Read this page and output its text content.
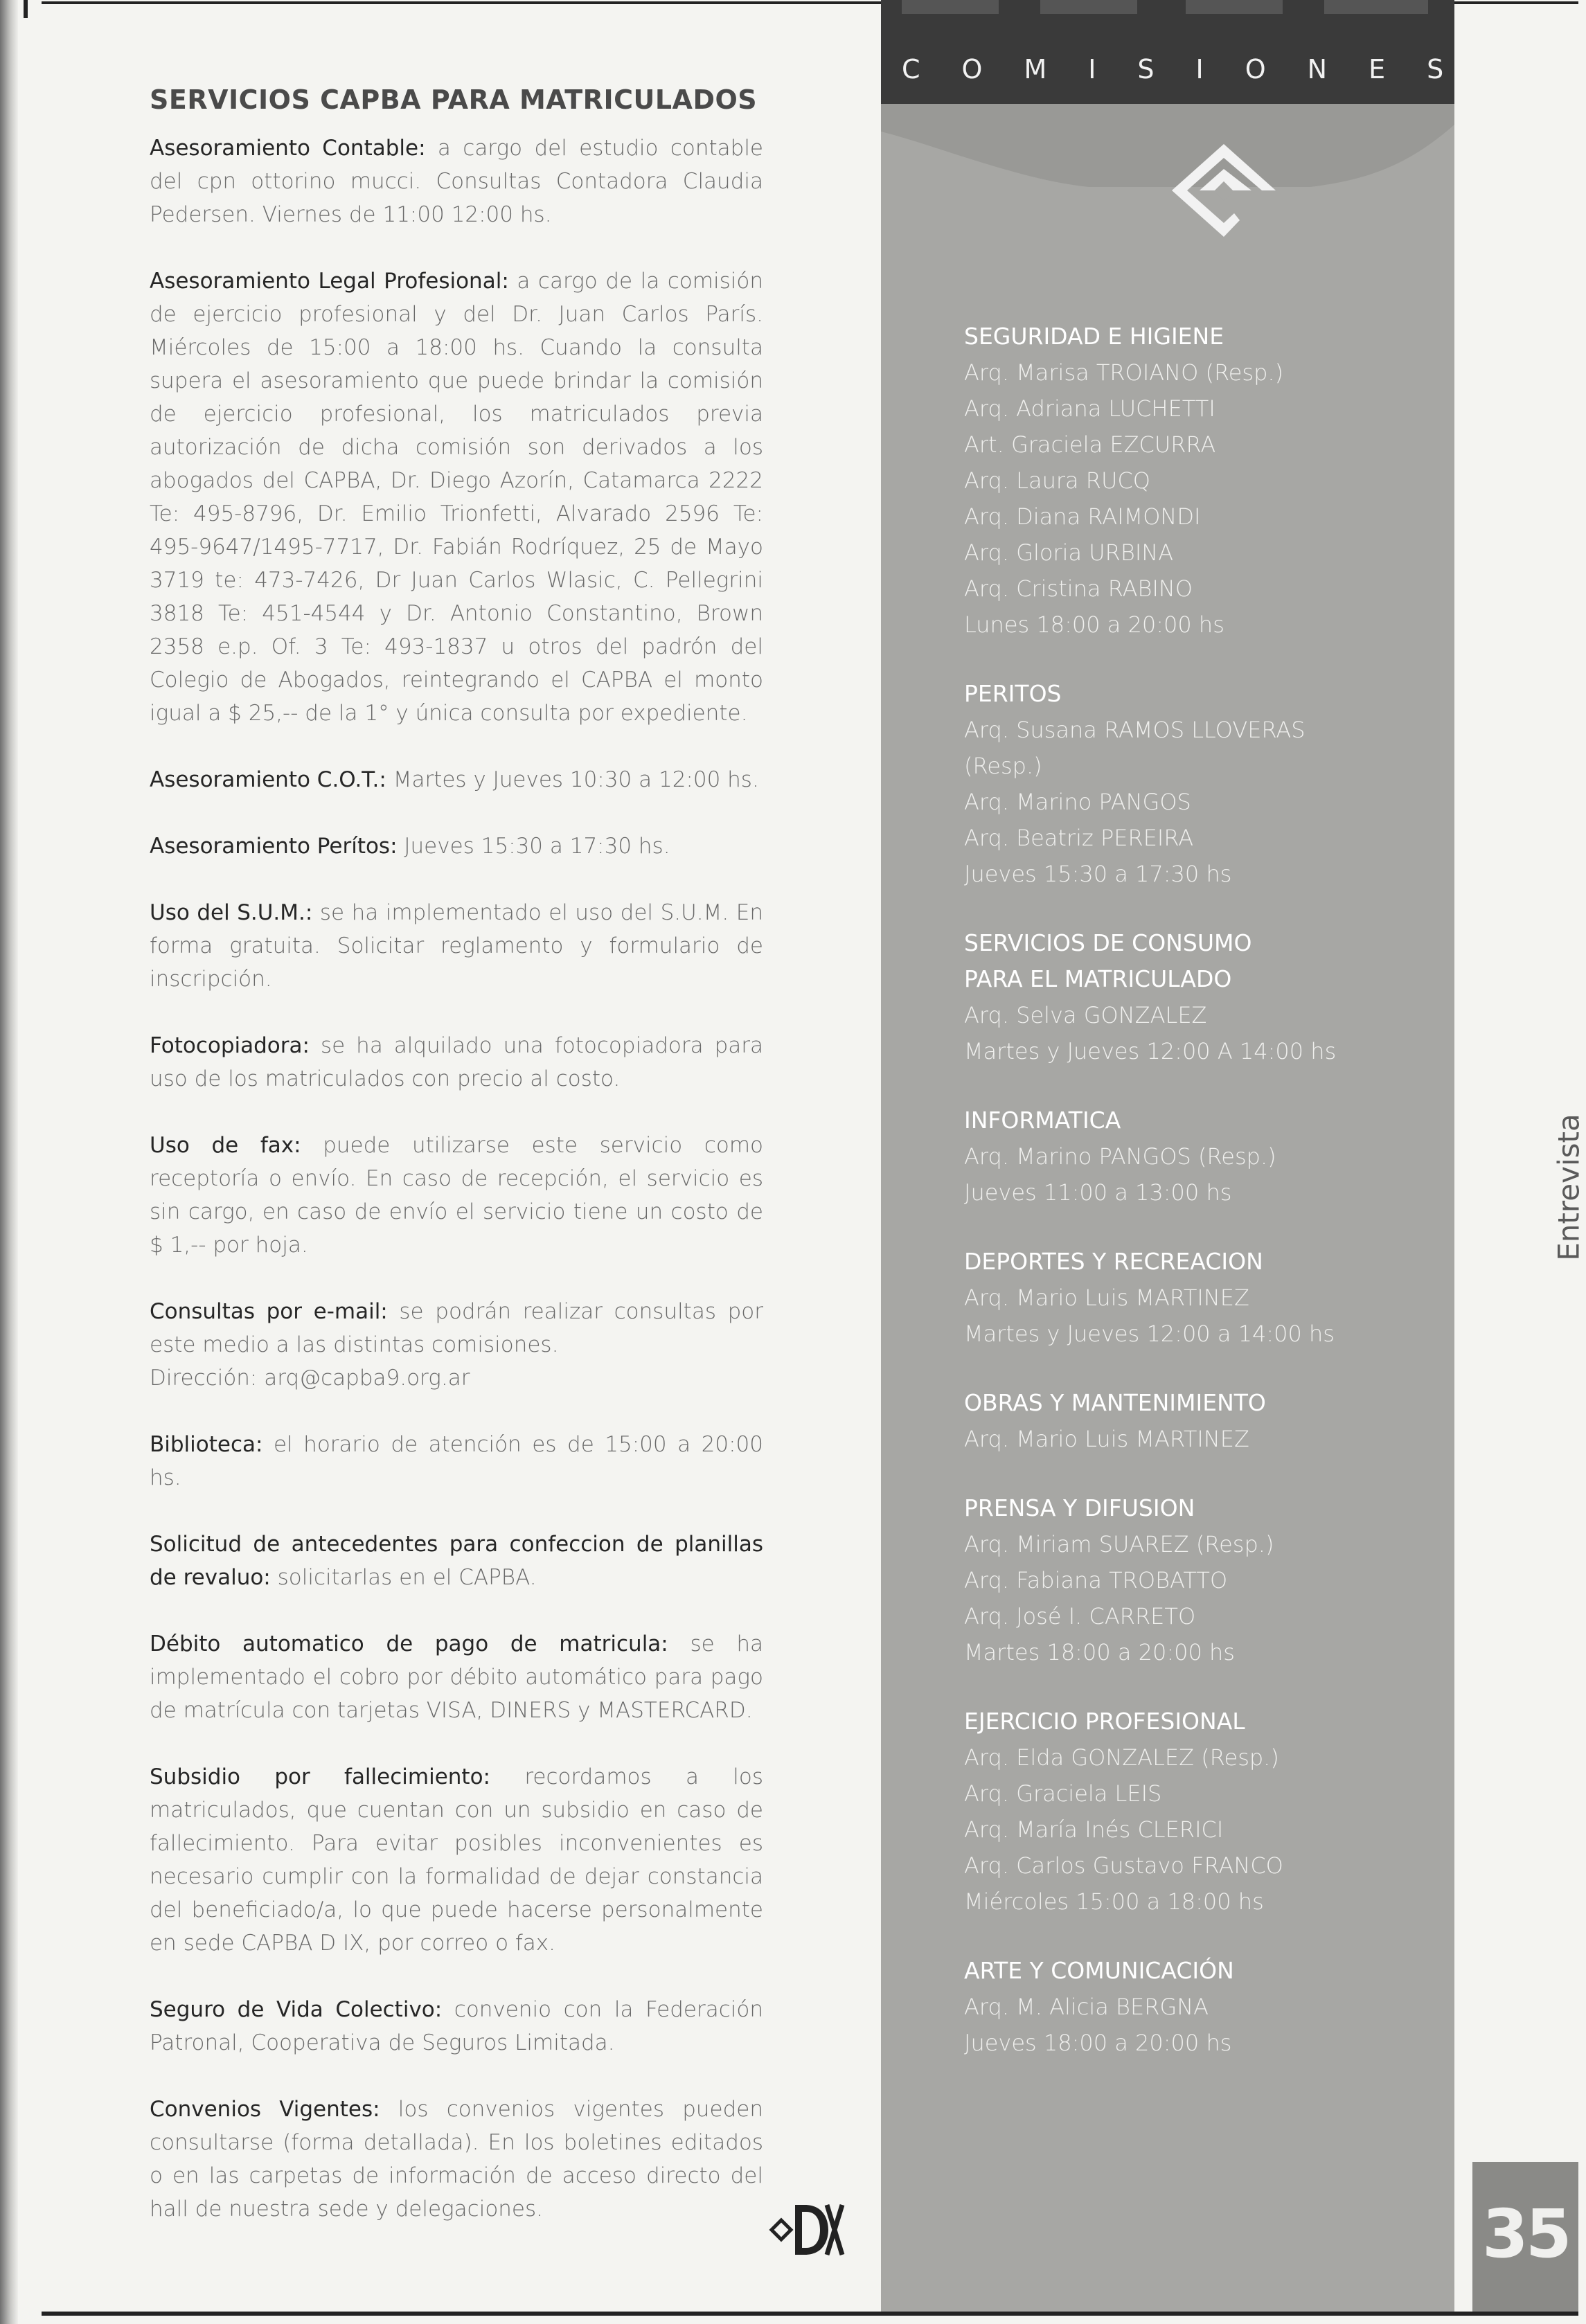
SERVICIOS CAPBA PARA MATRICULADOS

Asesoramiento Contable: a cargo del estudio contable del cpn ottorino mucci. Consultas Contadora Claudia Pedersen. Viernes de 11:00 12:00 hs.

Asesoramiento Legal Profesional: a cargo de la comisión de ejercicio profesional y del Dr. Juan Carlos París. Miércoles de 15:00 a 18:00 hs. Cuando la consulta supera el asesoramiento que puede brindar la comisión de ejercicio profesional, los matriculados previa autorización de dicha comisión son derivados a los abogados del CAPBA, Dr. Diego Azorín, Catamarca 2222 Te: 495-8796, Dr. Emilio Trionfetti, Alvarado 2596 Te: 495-9647/1495-7717, Dr. Fabián Rodríquez, 25 de Mayo 3719 te: 473-7426, Dr Juan Carlos Wlasic, C. Pellegrini 3818 Te: 451-4544 y Dr. Antonio Constantino, Brown 2358 e.p. Of. 3 Te: 493-1837 u otros del padrón del Colegio de Abogados, reintegrando el CAPBA el monto igual a $ 25,-- de la 1° y única consulta por expediente.

Asesoramiento C.O.T.: Martes y Jueves 10:30 a 12:00 hs.

Asesoramiento Perítos: Jueves 15:30 a 17:30 hs.

Uso del S.U.M.: se ha implementado el uso del S.U.M. En forma gratuita. Solicitar reglamento y formulario de inscripción.

Fotocopiadora: se ha alquilado una fotocopiadora para uso de los matriculados con precio al costo.

Uso de fax: puede utilizarse este servicio como receptoría o envío. En caso de recepción, el servicio es sin cargo, en caso de envío el servicio tiene un costo de $ 1,-- por hoja.

Consultas por e-mail: se podrán realizar consultas por este medio a las distintas comisiones.
Dirección: arq@capba9.org.ar

Biblioteca: el horario de atención es de 15:00 a 20:00 hs.

Solicitud de antecedentes para confeccion de planillas de revaluo: solicitarlas en el CAPBA.

Débito automatico de pago de matricula: se ha implementado el cobro por débito automático para pago de matrícula con tarjetas VISA, DINERS y MASTERCARD.

Subsidio por fallecimiento: recordamos a los matriculados, que cuentan con un subsidio en caso de fallecimiento. Para evitar posibles inconvenientes es necesario cumplir con la formalidad de dejar constancia del beneficiado/a, lo que puede hacerse personalmente en sede CAPBA D IX, por correo o fax.

Seguro de Vida Colectivo: convenio con la Federación Patronal, Cooperativa de Seguros Limitada.

Convenios Vigentes: los convenios vigentes pueden consultarse (forma detallada). En los boletines editados o en las carpetas de información de acceso directo del hall de nuestra sede y delegaciones.

COMISIONES
SEGURIDAD E HIGIENE
Arq. Marisa TROIANO (Resp.)
Arq. Adriana LUCHETTI
Art. Graciela EZCURRA
Arq. Laura RUCQ
Arq. Diana RAIMONDI
Arq. Gloria URBINA
Arq. Cristina RABINO
Lunes 18:00 a 20:00 hs
PERITOS
Arq. Susana RAMOS LLOVERAS
(Resp.)
Arq. Marino PANGOS
Arq. Beatriz PEREIRA
Jueves 15:30 a 17:30 hs
SERVICIOS DE CONSUMO
PARA EL MATRICULADO
Arq. Selva GONZALEZ
Martes y Jueves 12:00 A 14:00 hs
INFORMATICA
Arq. Marino PANGOS (Resp.)
Jueves 11:00 a 13:00 hs
DEPORTES Y RECREACION
Arq. Mario Luis MARTINEZ
Martes y Jueves 12:00 a 14:00 hs
OBRAS Y MANTENIMIENTO
Arq. Mario Luis MARTINEZ
PRENSA Y DIFUSION
Arq. Miriam SUAREZ (Resp.)
Arq. Fabiana TROBATTO
Arq. José I. CARRETO
Martes 18:00 a 20:00 hs
EJERCICIO PROFESIONAL
Arq. Elda GONZALEZ (Resp.)
Arq. Graciela LEIS
Arq. María Inés CLERICI
Arq. Carlos Gustavo FRANCO
Miércoles 15:00 a 18:00 hs
ARTE Y COMUNICACIÓN
Arq. M. Alicia BERGNA
Jueves 18:00 a 20:00 hs
Entrevista
35
